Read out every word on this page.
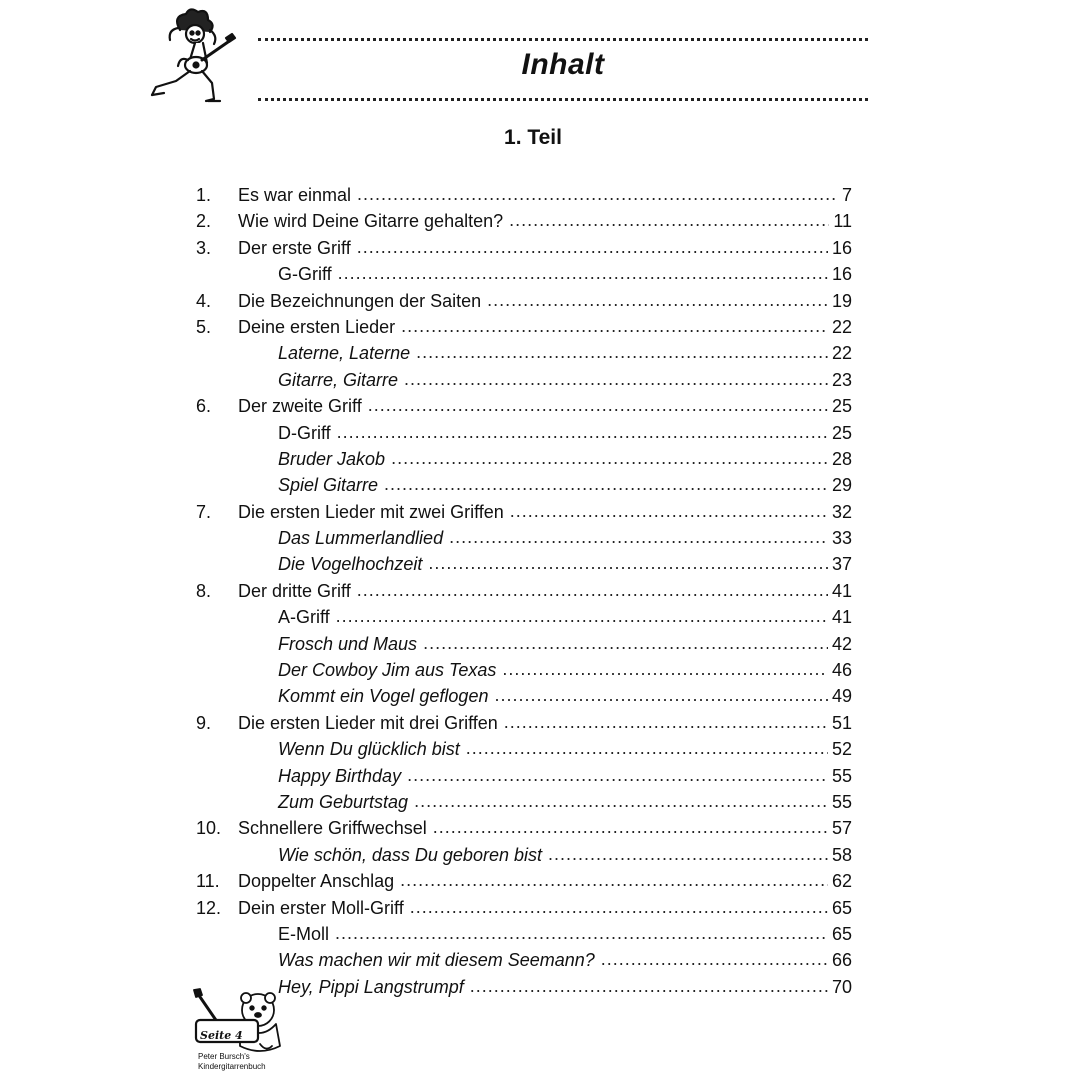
Inhalt
1. Teil
1.	Es war einmal .....	7
2.	Wie wird Deine Gitarre gehalten? .....	11
3.	Der erste Griff .....	16
G-Griff .....	16
4.	Die Bezeichnungen der Saiten .....	19
5.	Deine ersten Lieder .....	22
Laterne, Laterne .....	22
Gitarre, Gitarre .....	23
6.	Der zweite Griff .....	25
D-Griff .....	25
Bruder Jakob .....	28
Spiel Gitarre .....	29
7.	Die ersten Lieder mit zwei Griffen .....	32
Das Lummerlandlied .....	33
Die Vogelhochzeit .....	37
8.	Der dritte Griff .....	41
A-Griff .....	41
Frosch und Maus .....	42
Der Cowboy Jim aus Texas .....	46
Kommt ein Vogel geflogen .....	49
9.	Die ersten Lieder mit drei Griffen .....	51
Wenn Du glücklich bist .....	52
Happy Birthday .....	55
Zum Geburtstag .....	55
10. Schnellere Griffwechsel .....	57
Wie schön, dass Du geboren bist .....	58
11.	Doppelter Anschlag .....	62
12. Dein erster Moll-Griff .....	65
E-Moll .....	65
Was machen wir mit diesem Seemann? .....	66
Hey, Pippi Langstrumpf .....	70
Seite 4
Peter Bursch's
Kindergitarrenbuch
